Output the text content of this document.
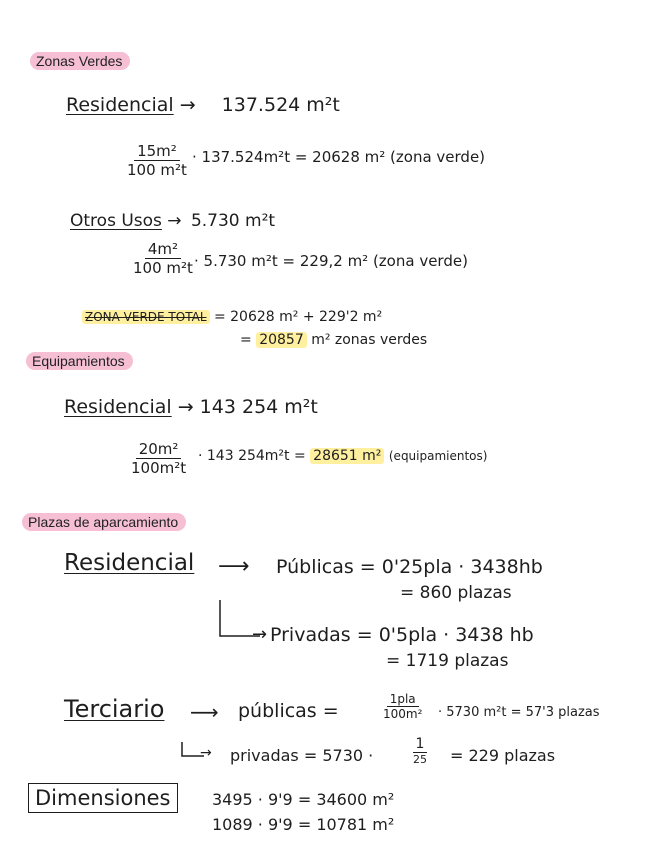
Zonas Verdes
Residencial → 137.524 m²t
$\frac{\text{15m²}}{\text{100 m²t}} \cdot 137.524m^2t = 20628$ m² (zona verde)
Otros Usos → 5.730 m²t
$\frac{\text{4m²}}{\text{100 m²t}}$
· 5.730 m²t = 229,2 m² (zona verde)
ZONA VERDE TOTAL = 20628 m² + 229'2 m²
= 20857 m² zonas verdes
Equipamientos
Residencial → 143 254 m²t
$\frac{\text{20m²}}{\text{100m²t}} \cdot 143$ 254m²t = 28651 m² (equipamientos)
Plazas de aparcamiento
Residencial ⟶ Públicas = 0'25pla · 3438hb
= 860 plazas
→ Privadas = 0'5pla · 3438 hb
= 1719 plazas
Terciario ⟶ públicas =
1pla
100m² · 5730 m²t = 57'3 plazas
→ privadas = 5730 ·
1
25 = 229 plazas
Dimensiones	3495 · 9'9 = 34600 m²
1089 · 9'9 = 10781 m²
